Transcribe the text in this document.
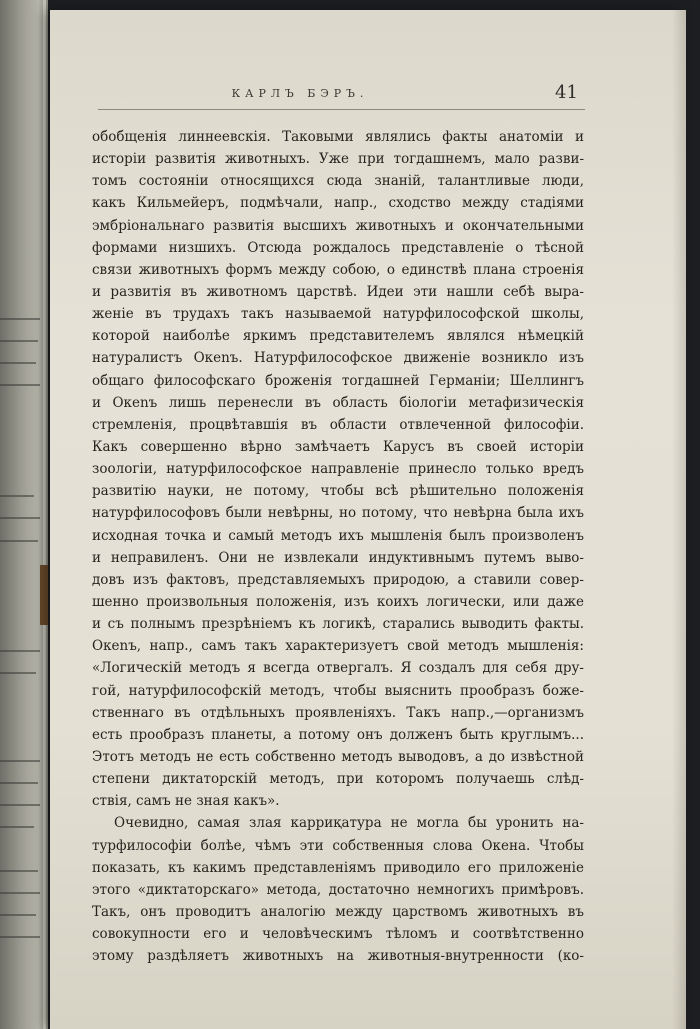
КАРЛЪ БЭРЪ.	41
обобщенія линнеевскія. Таковыми являлись факты анатоміи и
исторіи развитія животныхъ. Уже при тогдашнемъ, мало разви-
томъ состояніи относящихся сюда знаній, талантливые люди,
какъ Кильмейеръ, подмѣчали, напр., сходство между стадіями
эмбріональнаго развитія высшихъ животныхъ и окончательными
формами низшихъ. Отсюда рождалось представленіе о тѣсной
связи животныхъ формъ между собою, о единствѣ плана строенія
и развитія въ животномъ царствѣ. Идеи эти нашли себѣ выра-
женіе въ трудахъ такъ называемой натурфилософской школы,
которой наиболѣе яркимъ представителемъ являлся нѣмецкій
натуралистъ Океnъ. Натурфилософское движеніе возникло изъ
общаго философскаго броженія тогдашней Германіи; Шеллингъ
и Океnъ лишь перенесли въ область біологіи метафизическія
стремленія, процвѣтавшія въ области отвлеченной философіи.
Какъ совершенно вѣрно замѣчаетъ Карусъ въ своей исторіи
зоологіи, натурфилософское направленіе принесло только вредъ
развитію науки, не потому, чтобы всѣ рѣшительно положенія
натурфилософовъ были невѣрны, но потому, что невѣрна была ихъ
исходная точка и самый методъ ихъ мышленія былъ произволенъ
и неправиленъ. Они не извлекали индуктивнымъ путемъ выво-
довъ изъ фактовъ, представляемыхъ природою, а ставили совер-
шенно произвольныя положенія, изъ коихъ логически, или даже
и съ полнымъ презрѣніемъ къ логикѣ, старались выводить факты.
Океnъ, напр., самъ такъ характеризуетъ свой методъ мышленія:
«Логическій методъ я всегда отвергалъ. Я создалъ для себя дру-
гой, натурфилософскій методъ, чтобы выяснить прообразъ боже-
ственнаго въ отдѣльныхъ проявленіяхъ. Такъ напр.,—организмъ
есть прообразъ планеты, а потому онъ долженъ быть круглымъ...
Этотъ методъ не есть собственно методъ выводовъ, а до извѣстной
степени диктаторскій методъ, при которомъ получаешь слѣд-
ствія, самъ не зная какъ».
Очевидно, самая злая карриқатура не могла бы уронить на-
турфилософіи болѣе, чѣмъ эти собственныя слова Окена. Чтобы
показать, къ какимъ представленіямъ приводило его приложеніе
этого «диктаторскаго» метода, достаточно немногихъ примѣровъ.
Такъ, онъ проводитъ аналогію между царствомъ животныхъ въ
совокупности его и человѣческимъ тѣломъ и соотвѣтственно
этому раздѣляетъ животныхъ на животныя-внутренности (ко-
